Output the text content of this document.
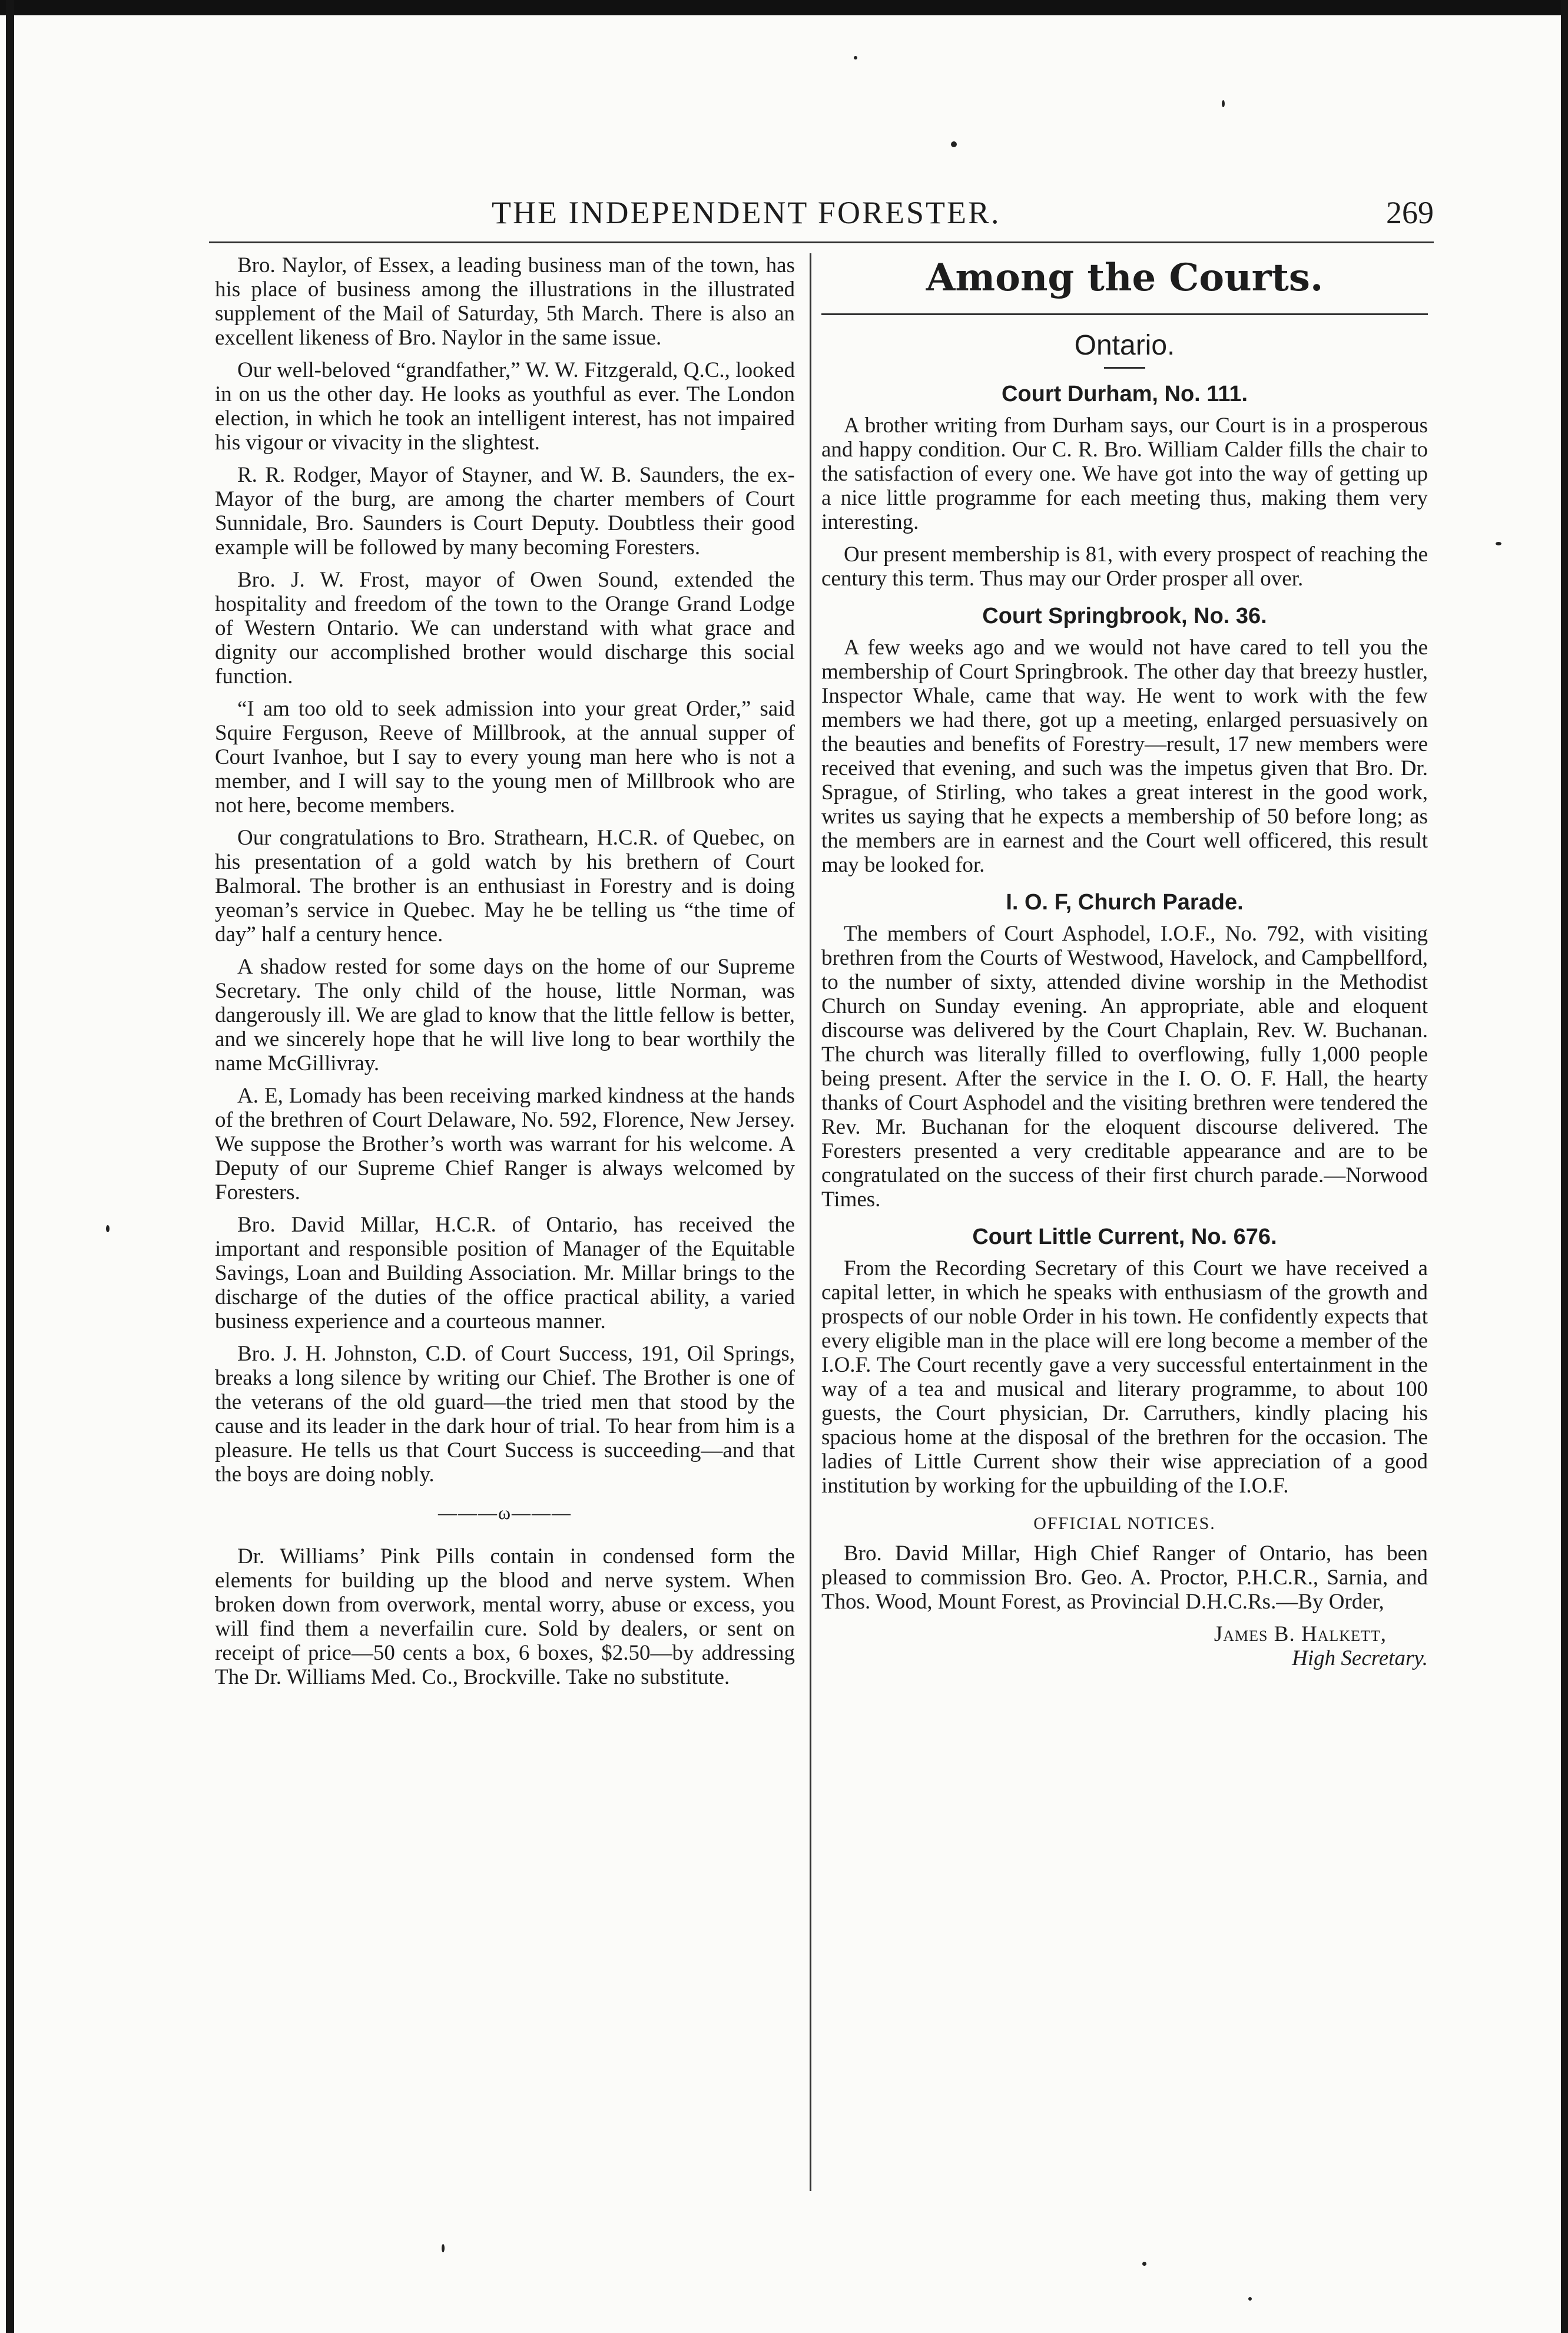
THE INDEPENDENT FORESTER.	269

Bro. Naylor, of Essex, a leading business man of the town, has his place of business among the illustrations in the illustrated supplement of the Mail of Saturday, 5th March. There is also an excellent likeness of Bro. Naylor in the same issue.

Our well-beloved “grandfather,” W. W. Fitzgerald, Q.C., looked in on us the other day. He looks as youthful as ever. The London election, in which he took an intelligent interest, has not impaired his vigour or vivacity in the slightest.

R. R. Rodger, Mayor of Stayner, and W. B. Saunders, the ex-Mayor of the burg, are among the charter members of Court Sunnidale, Bro. Saunders is Court Deputy. Doubtless their good example will be followed by many becoming Foresters.

Bro. J. W. Frost, mayor of Owen Sound, extended the hospitality and freedom of the town to the Orange Grand Lodge of Western Ontario. We can understand with what grace and dignity our accomplished brother would discharge this social function.

“I am too old to seek admission into your great Order,” said Squire Ferguson, Reeve of Millbrook, at the annual supper of Court Ivanhoe, but I say to every young man here who is not a member, and I will say to the young men of Millbrook who are not here, become members.

Our congratulations to Bro. Strathearn, H.C.R. of Quebec, on his presentation of a gold watch by his brethern of Court Balmoral. The brother is an enthusiast in Forestry and is doing yeoman’s service in Quebec. May he be telling us “the time of day” half a century hence.

A shadow rested for some days on the home of our Supreme Secretary. The only child of the house, little Norman, was dangerously ill. We are glad to know that the little fellow is better, and we sincerely hope that he will live long to bear worthily the name McGillivray.

A. E, Lomady has been receiving marked kindness at the hands of the brethren of Court Delaware, No. 592, Florence, New Jersey. We suppose the Brother’s worth was warrant for his welcome. A Deputy of our Supreme Chief Ranger is always welcomed by Foresters.

Bro. David Millar, H.C.R. of Ontario, has received the important and responsible position of Manager of the Equitable Savings, Loan and Building Association. Mr. Millar brings to the discharge of the duties of the office practical ability, a varied business experience and a courteous manner.

Bro. J. H. Johnston, C.D. of Court Success, 191, Oil Springs, breaks a long silence by writing our Chief. The Brother is one of the veterans of the old guard—the tried men that stood by the cause and its leader in the dark hour of trial. To hear from him is a pleasure. He tells us that Court Success is succeeding—and that the boys are doing nobly.

———ω———

Dr. Williams’ Pink Pills contain in condensed form the elements for building up the blood and nerve system. When broken down from overwork, mental worry, abuse or excess, you will find them a neverfailin cure. Sold by dealers, or sent on receipt of price—50 cents a box, 6 boxes, $2.50—by addressing The Dr. Williams Med. Co., Brockville. Take no substitute.

Among the Courts.
Ontario.
Court Durham, No. 111.

A brother writing from Durham says, our Court is in a prosperous and happy condition. Our C. R. Bro. William Calder fills the chair to the satisfaction of every one. We have got into the way of getting up a nice little programme for each meeting thus, making them very interesting.

Our present membership is 81, with every prospect of reaching the century this term. Thus may our Order prosper all over.

Court Springbrook, No. 36.

A few weeks ago and we would not have cared to tell you the membership of Court Springbrook. The other day that breezy hustler, Inspector Whale, came that way. He went to work with the few members we had there, got up a meeting, enlarged persuasively on the beauties and benefits of Forestry—result, 17 new members were received that evening, and such was the impetus given that Bro. Dr. Sprague, of Stirling, who takes a great interest in the good work, writes us saying that he expects a membership of 50 before long; as the members are in earnest and the Court well officered, this result may be looked for.

I. O. F, Church Parade.

The members of Court Asphodel, I.O.F., No. 792, with visiting brethren from the Courts of Westwood, Havelock, and Campbellford, to the number of sixty, attended divine worship in the Methodist Church on Sunday evening. An appropriate, able and eloquent discourse was delivered by the Court Chaplain, Rev. W. Buchanan. The church was literally filled to overflowing, fully 1,000 people being present. After the service in the I. O. O. F. Hall, the hearty thanks of Court Asphodel and the visiting brethren were tendered the Rev. Mr. Buchanan for the eloquent discourse delivered. The Foresters presented a very creditable appearance and are to be congratulated on the success of their first church parade.—Norwood Times.

Court Little Current, No. 676.

From the Recording Secretary of this Court we have received a capital letter, in which he speaks with enthusiasm of the growth and prospects of our noble Order in his town. He confidently expects that every eligible man in the place will ere long become a member of the I.O.F. The Court recently gave a very successful entertainment in the way of a tea and musical and literary programme, to about 100 guests, the Court physician, Dr. Carruthers, kindly placing his spacious home at the disposal of the brethren for the occasion. The ladies of Little Current show their wise appreciation of a good institution by working for the upbuilding of the I.O.F.

OFFICIAL NOTICES.

Bro. David Millar, High Chief Ranger of Ontario, has been pleased to commission Bro. Geo. A. Proctor, P.H.C.R., Sarnia, and Thos. Wood, Mount Forest, as Provincial D.H.C.Rs.—By Order,

James B. Halkett,

High Secretary.
